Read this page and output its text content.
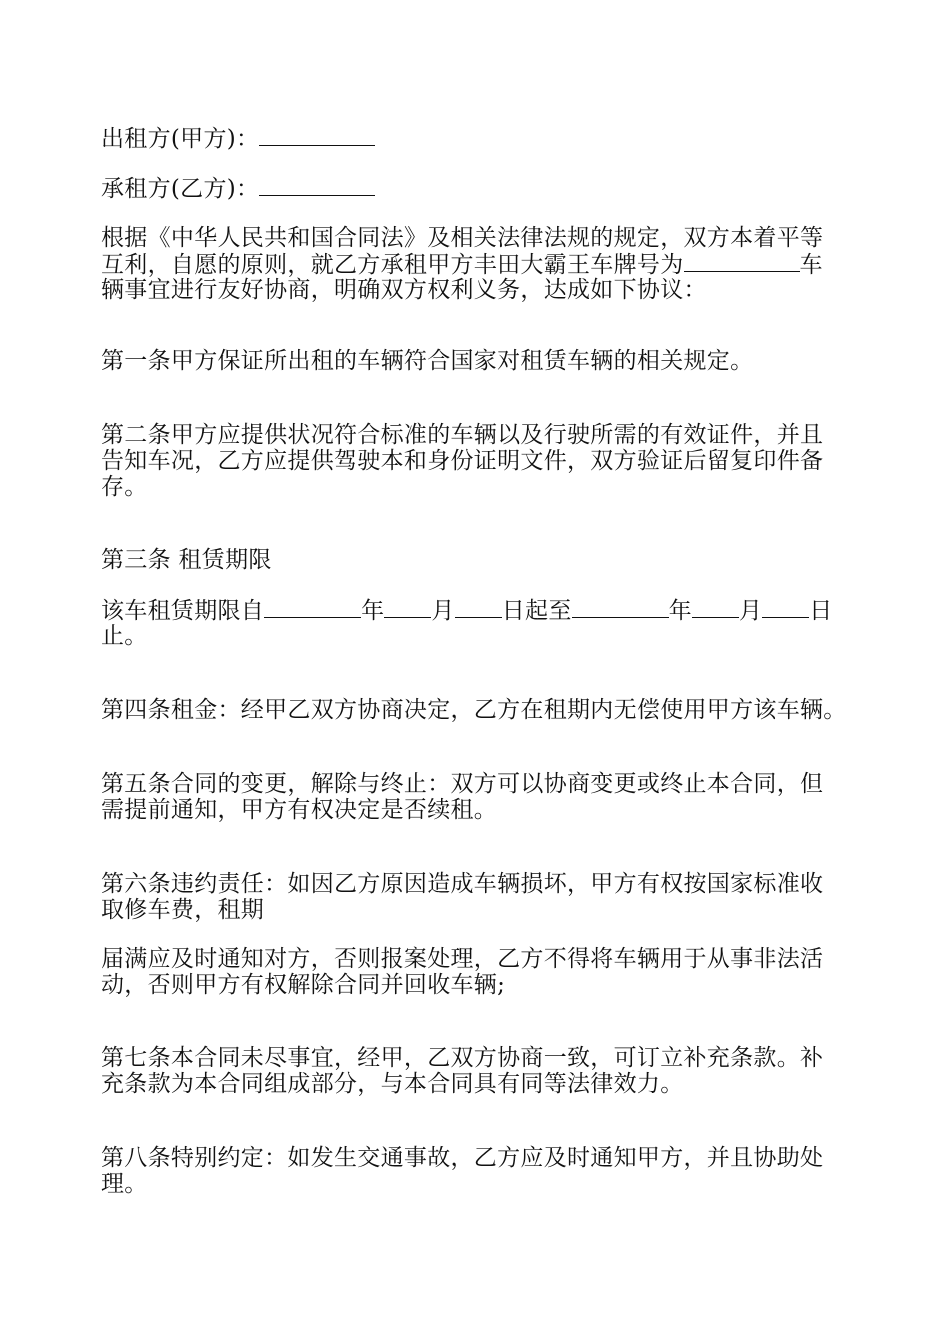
出租方(甲方)：
承租方(乙方)：
根据《中华人民共和国合同法》及相关法律法规的规定，双方本着平等
互利，自愿的原则，就乙方承租甲方丰田大霸王车牌号为	车
辆事宜进行友好协商，明确双方权利义务，达成如下协议：
第一条甲方保证所出租的车辆符合国家对租赁车辆的相关规定。
第二条甲方应提供状况符合标准的车辆以及行驶所需的有效证件，并且
告知车况，乙方应提供驾驶本和身份证明文件，双方验证后留复印件备
存。
第三条 租赁期限
该车租赁期限自	年 月 日起至	年 月 日
止。
第四条租金：经甲乙双方协商决定，乙方在租期内无偿使用甲方该车辆。
第五条合同的变更，解除与终止：双方可以协商变更或终止本合同，但
需提前通知，甲方有权决定是否续租。
第六条违约责任：如因乙方原因造成车辆损坏，甲方有权按国家标准收
取修车费，租期
届满应及时通知对方，否则报案处理，乙方不得将车辆用于从事非法活
动，否则甲方有权解除合同并回收车辆;
第七条本合同未尽事宜，经甲，乙双方协商一致，可订立补充条款。补
充条款为本合同组成部分，与本合同具有同等法律效力。
第八条特别约定：如发生交通事故，乙方应及时通知甲方，并且协助处
理。
